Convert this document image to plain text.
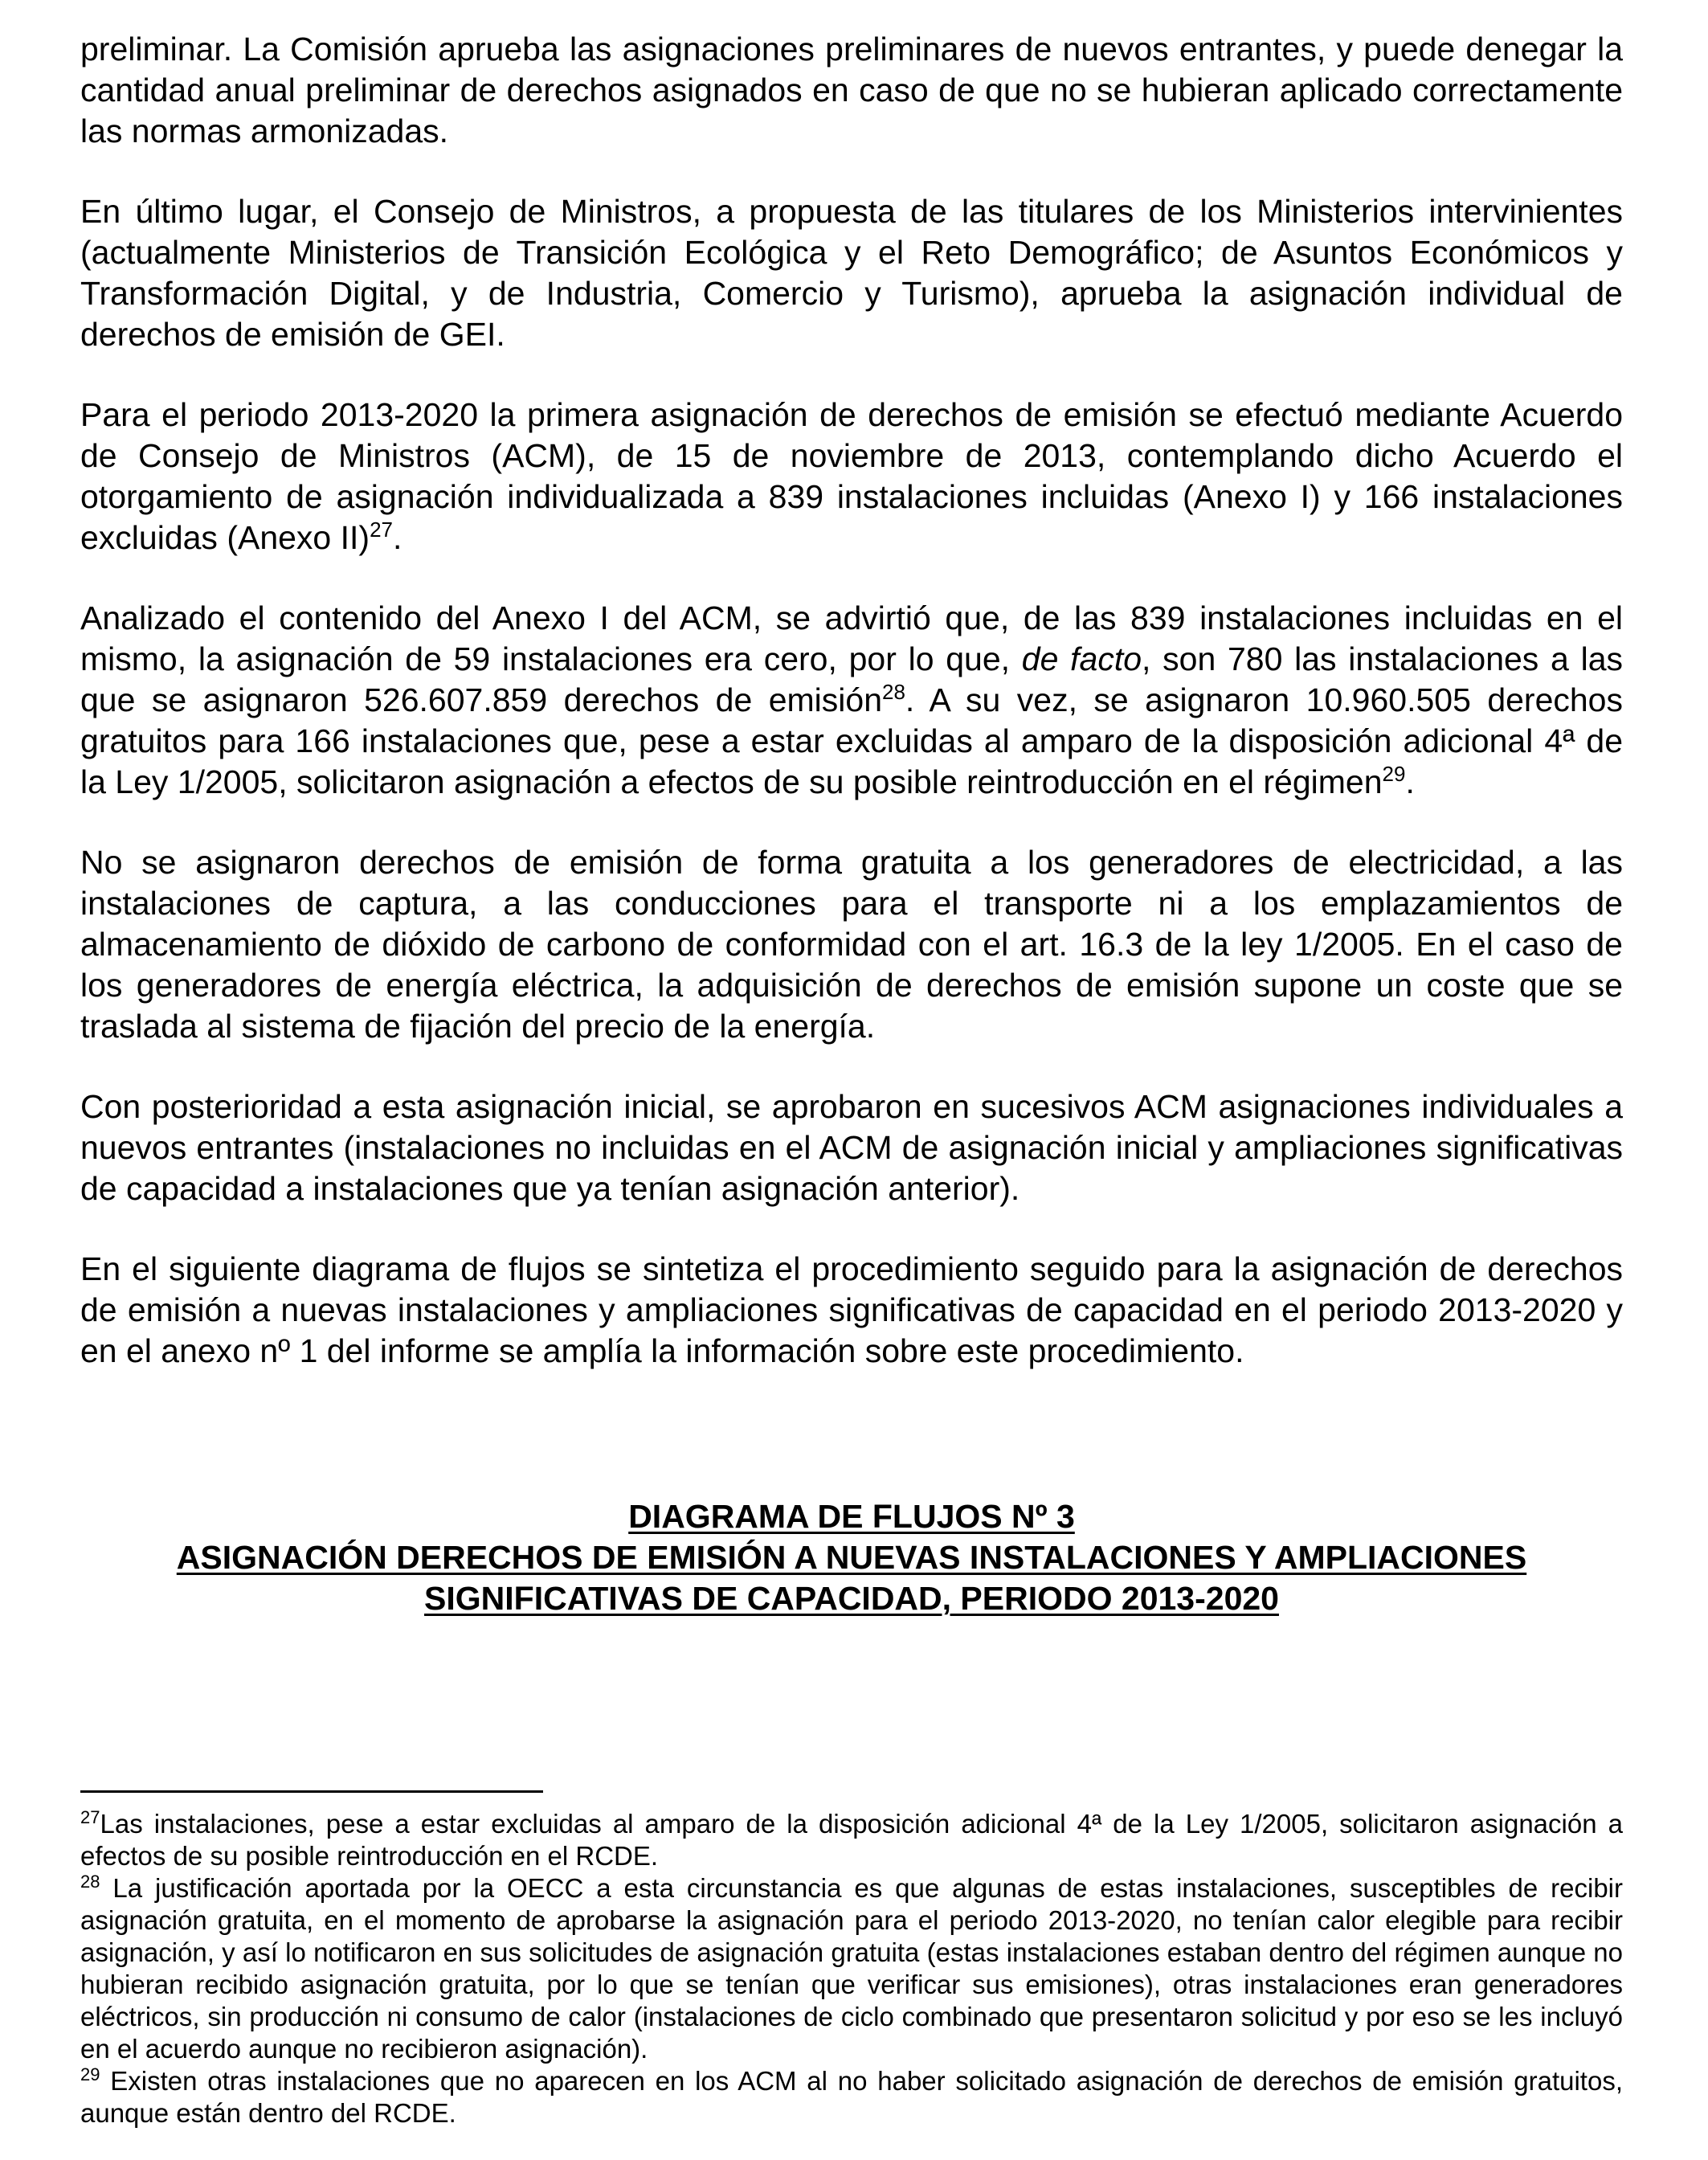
preliminar. La Comisión aprueba las asignaciones preliminares de nuevos entrantes, y puede denegar la cantidad anual preliminar de derechos asignados en caso de que no se hubieran aplicado correctamente las normas armonizadas.

En último lugar, el Consejo de Ministros, a propuesta de las titulares de los Ministerios intervinientes (actualmente Ministerios de Transición Ecológica y el Reto Demográfico; de Asuntos Económicos y Transformación Digital, y de Industria, Comercio y Turismo), aprueba la asignación individual de derechos de emisión de GEI.

Para el periodo 2013-2020 la primera asignación de derechos de emisión se efectuó mediante Acuerdo de Consejo de Ministros (ACM), de 15 de noviembre de 2013, contemplando dicho Acuerdo el otorgamiento de asignación individualizada a 839 instalaciones incluidas (Anexo I) y 166 instalaciones excluidas (Anexo II)$^{27}$.

Analizado el contenido del Anexo I del ACM, se advirtió que, de las 839 instalaciones incluidas en el mismo, la asignación de 59 instalaciones era cero, por lo que, de facto, son 780 las instalaciones a las que se asignaron 526.607.859 derechos de emisión$^{28}$. A su vez, se asignaron 10.960.505 derechos gratuitos para 166 instalaciones que, pese a estar excluidas al amparo de la disposición adicional 4ª de la Ley 1/2005, solicitaron asignación a efectos de su posible reintroducción en el régimen$^{29}$.

No se asignaron derechos de emisión de forma gratuita a los generadores de electricidad, a las instalaciones de captura, a las conducciones para el transporte ni a los emplazamientos de almacenamiento de dióxido de carbono de conformidad con el art. 16.3 de la ley 1/2005. En el caso de los generadores de energía eléctrica, la adquisición de derechos de emisión supone un coste que se traslada al sistema de fijación del precio de la energía.

Con posterioridad a esta asignación inicial, se aprobaron en sucesivos ACM asignaciones individuales a nuevos entrantes (instalaciones no incluidas en el ACM de asignación inicial y ampliaciones significativas de capacidad a instalaciones que ya tenían asignación anterior).

En el siguiente diagrama de flujos se sintetiza el procedimiento seguido para la asignación de derechos de emisión a nuevas instalaciones y ampliaciones significativas de capacidad en el periodo 2013-2020 y en el anexo nº 1 del informe se amplía la información sobre este procedimiento.

DIAGRAMA DE FLUJOS Nº 3
ASIGNACIÓN DERECHOS DE EMISIÓN A NUEVAS INSTALACIONES Y AMPLIACIONES
SIGNIFICATIVAS DE CAPACIDAD, PERIODO 2013-2020

$^{27}$Las instalaciones, pese a estar excluidas al amparo de la disposición adicional 4ª de la Ley 1/2005, solicitaron asignación a efectos de su posible reintroducción en el RCDE.

$^{28}$ La justificación aportada por la OECC a esta circunstancia es que algunas de estas instalaciones, susceptibles de recibir asignación gratuita, en el momento de aprobarse la asignación para el periodo 2013-2020, no tenían calor elegible para recibir asignación, y así lo notificaron en sus solicitudes de asignación gratuita (estas instalaciones estaban dentro del régimen aunque no hubieran recibido asignación gratuita, por lo que se tenían que verificar sus emisiones), otras instalaciones eran generadores eléctricos, sin producción ni consumo de calor (instalaciones de ciclo combinado que presentaron solicitud y por eso se les incluyó en el acuerdo aunque no recibieron asignación).

$^{29}$ Existen otras instalaciones que no aparecen en los ACM al no haber solicitado asignación de derechos de emisión gratuitos, aunque están dentro del RCDE.
